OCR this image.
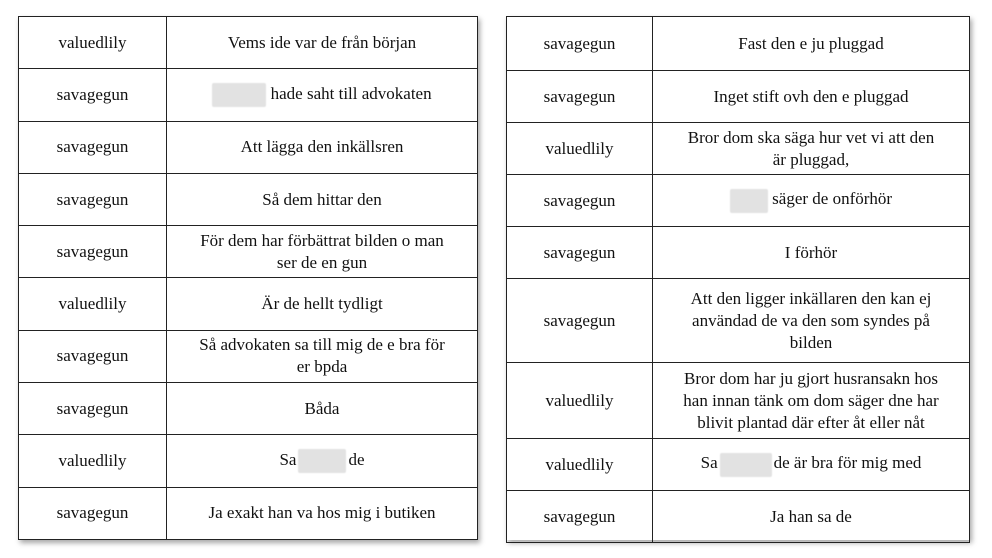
valuedlily	Vems ide var de från början
savagegun	hade saht till advokaten
savagegun	Att lägga den inkällsren
savagegun	Så dem hittar den
savagegun	För dem har förbättrat bilden o man
ser de en gun
valuedlily	Är de hellt tydligt
savagegun	Så advokaten sa till mig de e bra för
er bpda
savagegun	Båda
valuedlily	Sa de
savagegun	Ja exakt han va hos mig i butiken
savagegun	Fast den e ju pluggad
savagegun	Inget stift ovh den e pluggad
valuedlily	Bror dom ska säga hur vet vi att den
är pluggad,
savagegun	säger de onförhör
savagegun	I förhör
savagegun	Att den ligger inkällaren den kan ej
användad de va den som syndes på
bilden
valuedlily	Bror dom har ju gjort husransakn hos
han innan tänk om dom säger dne har
blivit plantad där efter åt eller nåt
valuedlily	Sa de är bra för mig med
savagegun	Ja han sa de
